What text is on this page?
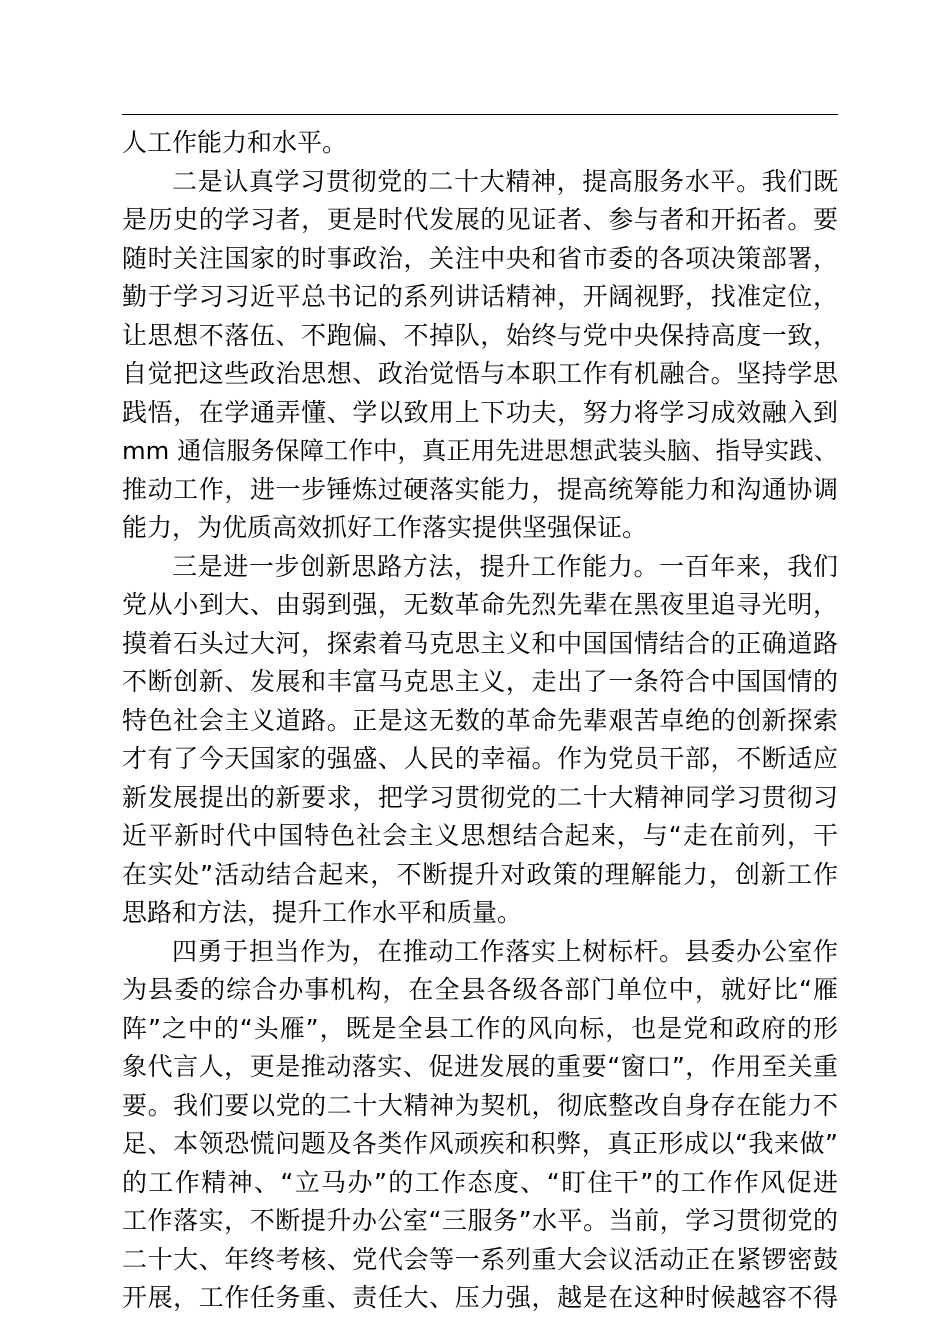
人工作能力和水平。
二是认真学习贯彻党的二十大精神，提高服务水平。我们既
是历史的学习者，更是时代发展的见证者、参与者和开拓者。要
随时关注国家的时事政治，关注中央和省市委的各项决策部署，
勤于学习习近平总书记的系列讲话精神，开阔视野，找准定位，
让思想不落伍、不跑偏、不掉队，始终与党中央保持高度一致，
自觉把这些政治思想、政治觉悟与本职工作有机融合。坚持学思
践悟，在学通弄懂、学以致用上下功夫，努力将学习成效融入到
mm 通信服务保障工作中，真正用先进思想武装头脑、指导实践、
推动工作，进一步锤炼过硬落实能力，提高统筹能力和沟通协调
能力，为优质高效抓好工作落实提供坚强保证。
三是进一步创新思路方法，提升工作能力。一百年来，我们
党从小到大、由弱到强，无数革命先烈先辈在黑夜里追寻光明，
摸着石头过大河，探索着马克思主义和中国国情结合的正确道路
不断创新、发展和丰富马克思主义，走出了一条符合中国国情的
特色社会主义道路。正是这无数的革命先辈艰苦卓绝的创新探索
才有了今天国家的强盛、人民的幸福。作为党员干部，不断适应
新发展提出的新要求，把学习贯彻党的二十大精神同学习贯彻习
近平新时代中国特色社会主义思想结合起来，与“走在前列，干
在实处”活动结合起来，不断提升对政策的理解能力，创新工作
思路和方法，提升工作水平和质量。
四勇于担当作为，在推动工作落实上树标杆。县委办公室作
为县委的综合办事机构，在全县各级各部门单位中，就好比“雁
阵”之中的“头雁”，既是全县工作的风向标，也是党和政府的形
象代言人，更是推动落实、促进发展的重要“窗口”，作用至关重
要。我们要以党的二十大精神为契机，彻底整改自身存在能力不
足、本领恐慌问题及各类作风顽疾和积弊，真正形成以“我来做”
的工作精神、“立马办”的工作态度、“盯住干”的工作作风促进
工作落实，不断提升办公室“三服务”水平。当前，学习贯彻党的
二十大、年终考核、党代会等一系列重大会议活动正在紧锣密鼓
开展，工作任务重、责任大、压力强，越是在这种时候越容不得
